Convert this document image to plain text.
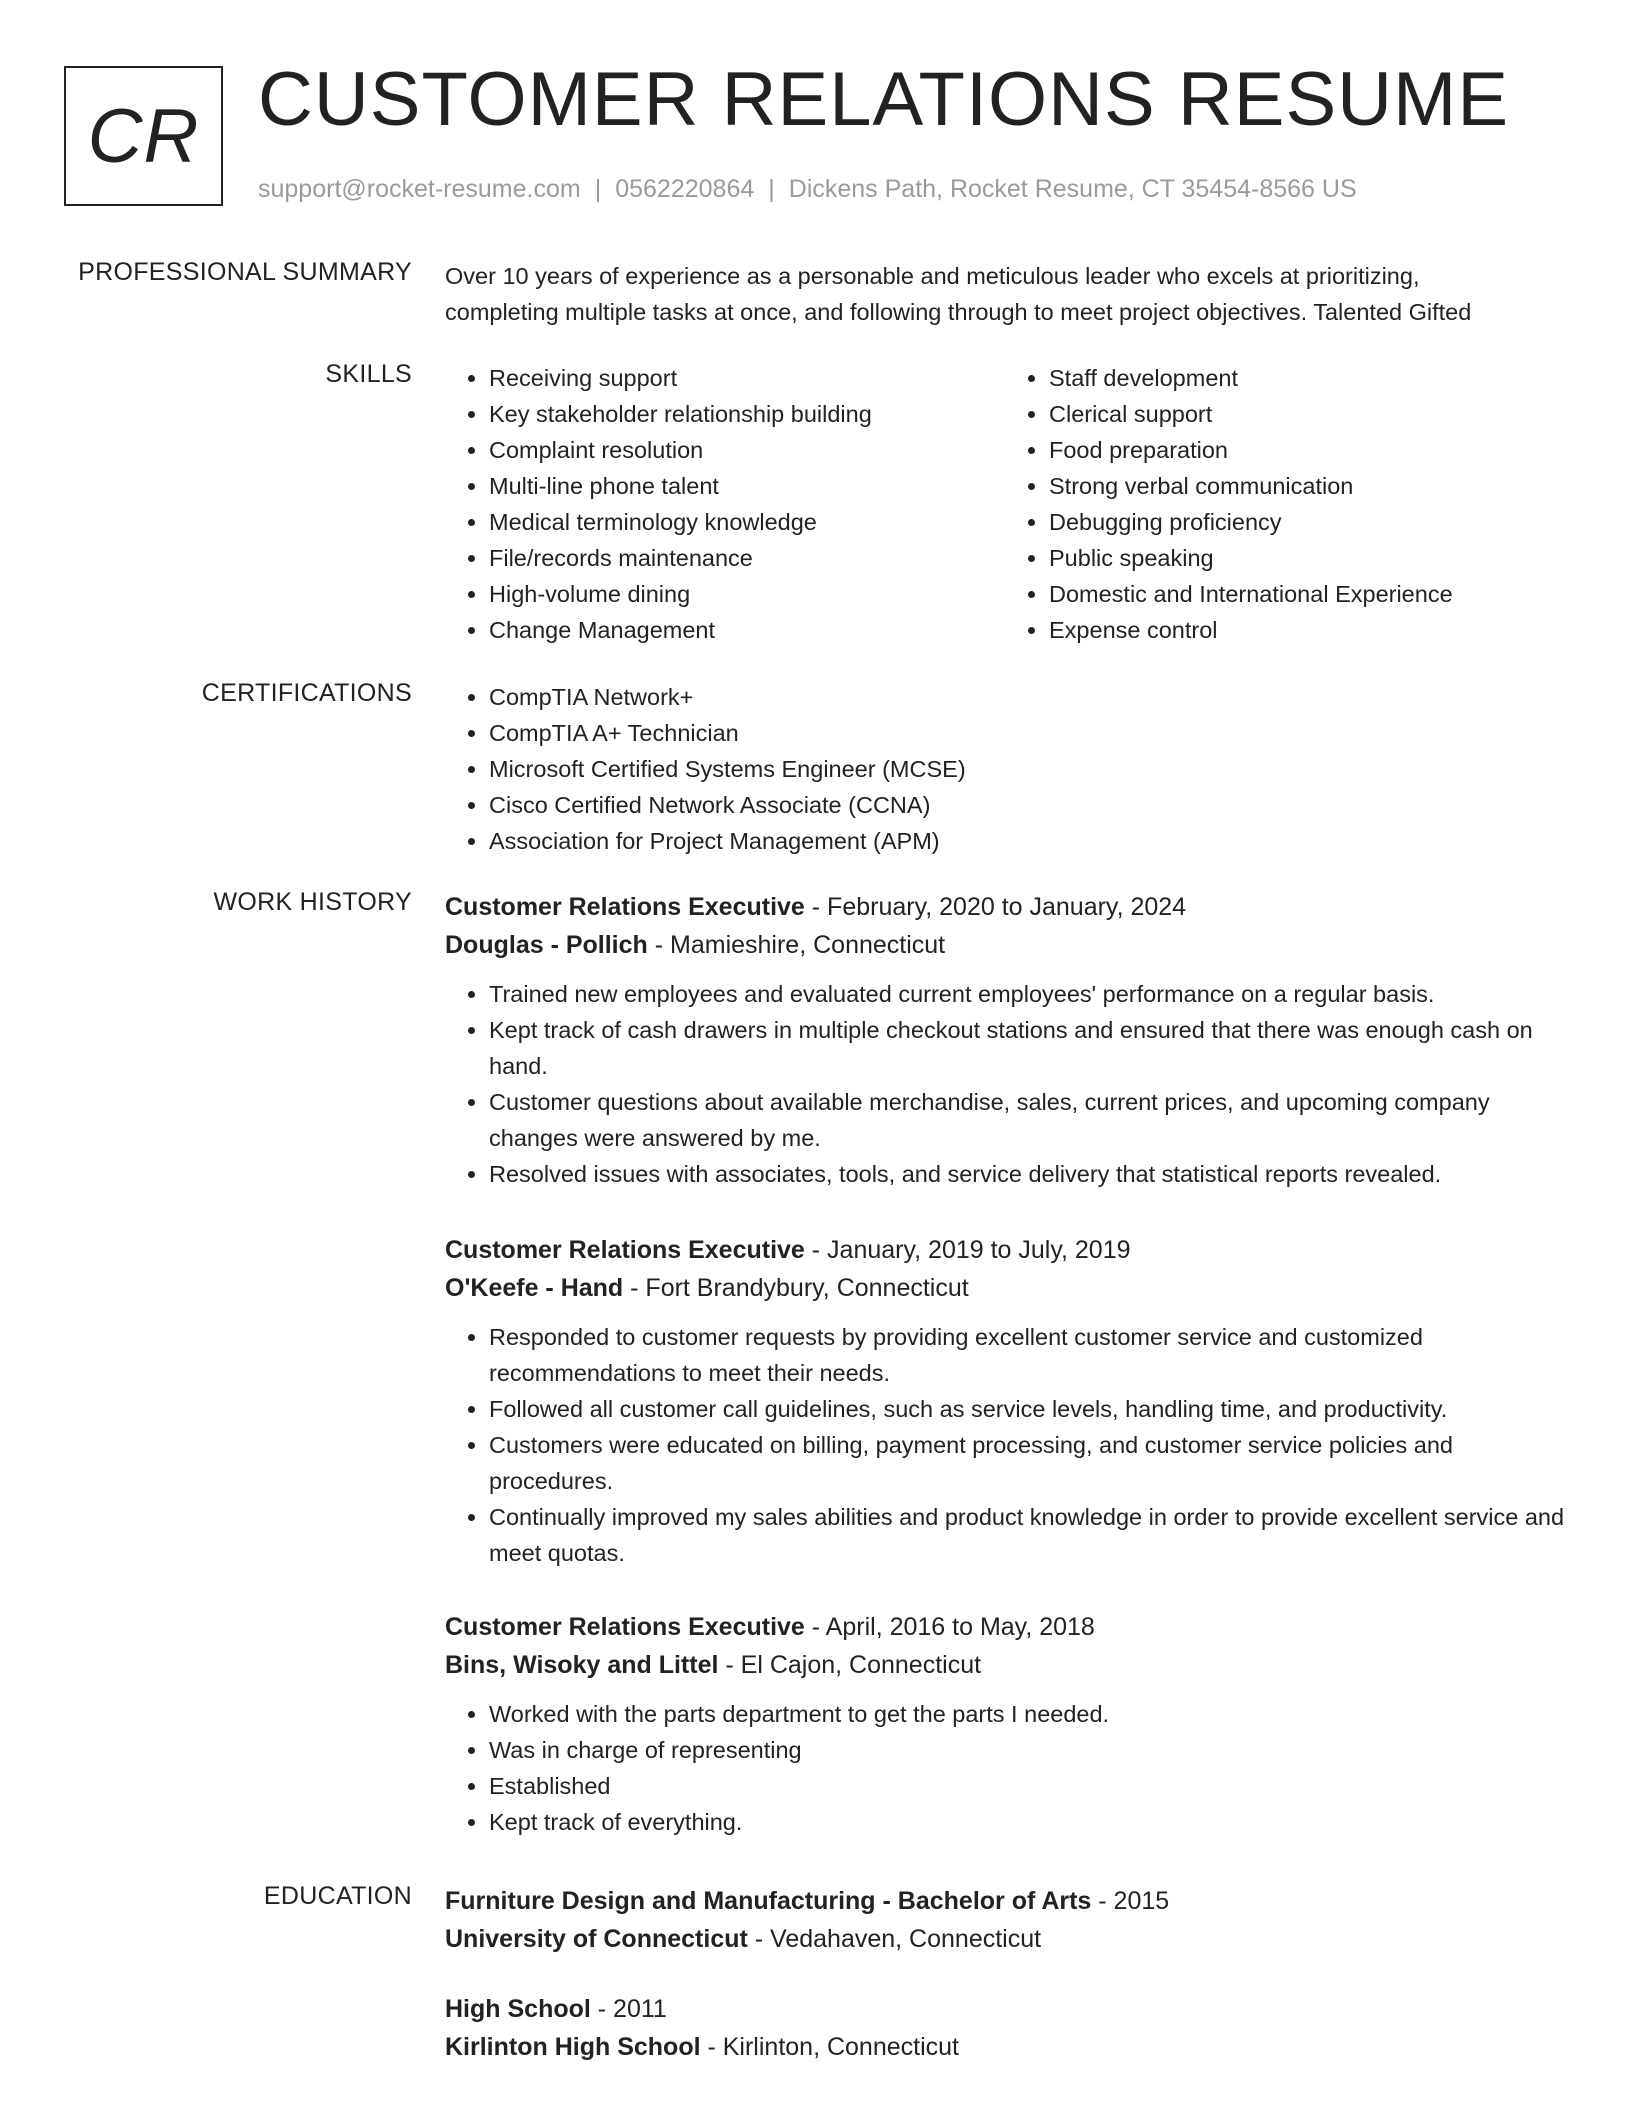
CR CUSTOMER RELATIONS RESUME
support@rocket-resume.com | 0562220864 | Dickens Path, Rocket Resume, CT 35454-8566 US
PROFESSIONAL SUMMARY Over 10 years of experience as a personable and meticulous leader who excels at prioritizing,
completing multiple tasks at once, and following through to meet project objectives. Talented Gifted
SKILLS	• Receiving support
• Key stakeholder relationship building
• Complaint resolution
• Multi-line phone talent
• Medical terminology knowledge
• File/records maintenance
• High-volume dining
• Change Management
• Staff development
• Clerical support
• Food preparation
• Strong verbal communication
• Debugging proficiency
• Public speaking
• Domestic and International Experience
• Expense control
CERTIFICATIONS	• CompTIA Network+
• CompTIA A+ Technician
• Microsoft Certified Systems Engineer (MCSE)
• Cisco Certified Network Associate (CCNA)
• Association for Project Management (APM)
WORK HISTORY Customer Relations Executive - February, 2020 to January, 2024
Douglas - Pollich - Mamieshire, Connecticut
• Trained new employees and evaluated current employees' performance on a regular basis.
• Kept track of cash drawers in multiple checkout stations and ensured that there was enough cash on hand.
• Customer questions about available merchandise, sales, current prices, and upcoming company changes were answered by me.
• Resolved issues with associates, tools, and service delivery that statistical reports revealed.
Customer Relations Executive - January, 2019 to July, 2019
O'Keefe - Hand - Fort Brandybury, Connecticut
• Responded to customer requests by providing excellent customer service and customized recommendations to meet their needs.
• Followed all customer call guidelines, such as service levels, handling time, and productivity.
• Customers were educated on billing, payment processing, and customer service policies and procedures.
• Continually improved my sales abilities and product knowledge in order to provide excellent service and meet quotas.
Customer Relations Executive - April, 2016 to May, 2018
Bins, Wisoky and Littel - El Cajon, Connecticut
• Worked with the parts department to get the parts I needed.
• Was in charge of representing
• Established
• Kept track of everything.
EDUCATION Furniture Design and Manufacturing - Bachelor of Arts - 2015
University of Connecticut - Vedahaven, Connecticut
High School - 2011
Kirlinton High School - Kirlinton, Connecticut
